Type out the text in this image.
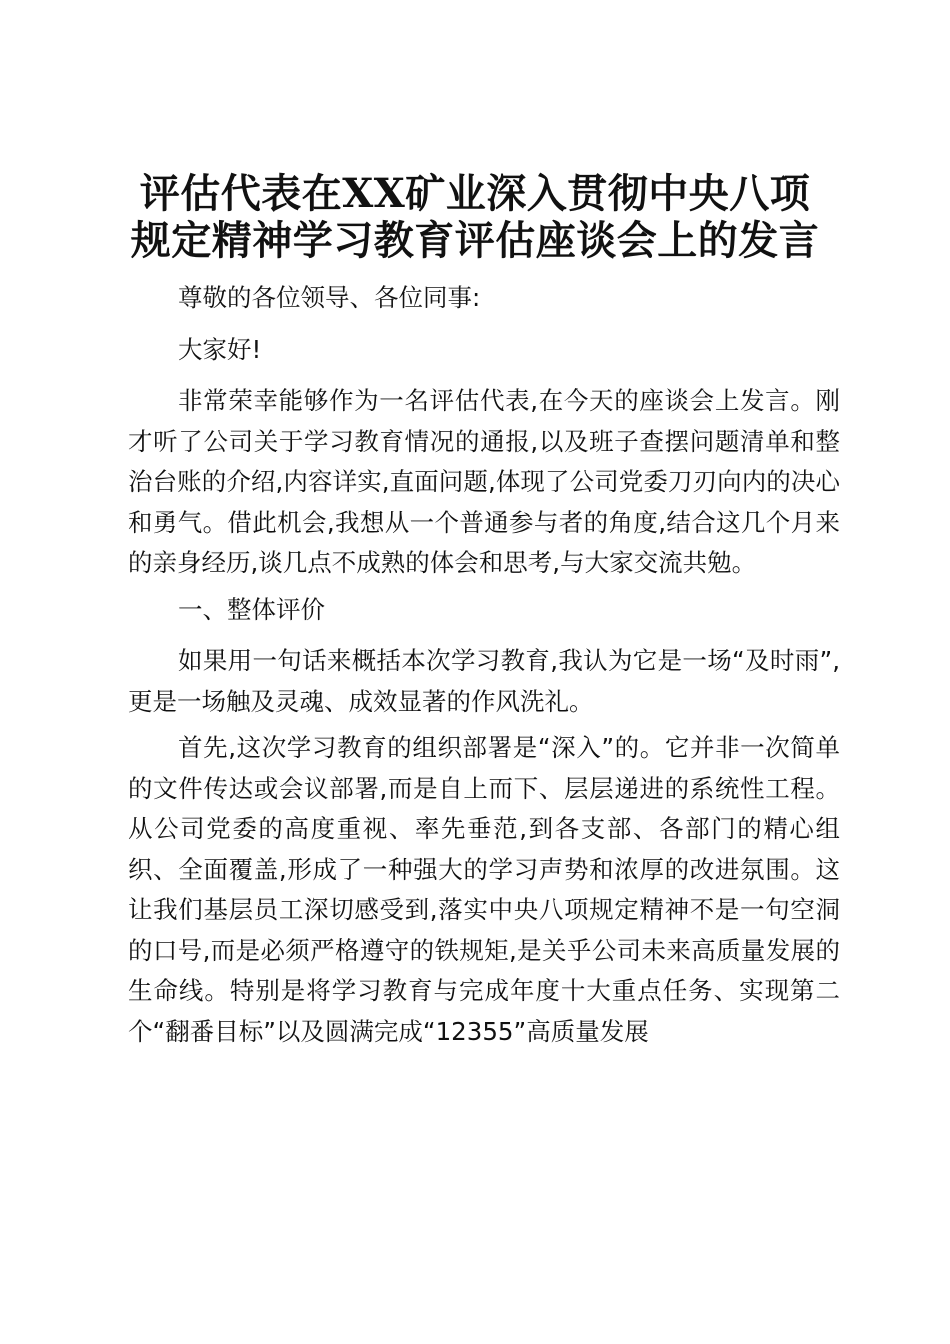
评估代表在XX矿业深入贯彻中央八项
规定精神学习教育评估座谈会上的发言

尊敬的各位领导、各位同事:

大家好!

非常荣幸能够作为一名评估代表,在今天的座谈会上发言。刚才听了公司关于学习教育情况的通报,以及班子查摆问题清单和整治台账的介绍,内容详实,直面问题,体现了公司党委刀刃向内的决心和勇气。借此机会,我想从一个普通参与者的角度,结合这几个月来的亲身经历,谈几点不成熟的体会和思考,与大家交流共勉。

一、整体评价

如果用一句话来概括本次学习教育,我认为它是一场“及时雨”,更是一场触及灵魂、成效显著的作风洗礼。

首先,这次学习教育的组织部署是“深入”的。它并非一次简单的文件传达或会议部署,而是自上而下、层层递进的系统性工程。从公司党委的高度重视、率先垂范,到各支部、各部门的精心组织、全面覆盖,形成了一种强大的学习声势和浓厚的改进氛围。这让我们基层员工深切感受到,落实中央八项规定精神不是一句空洞的口号,而是必须严格遵守的铁规矩,是关乎公司未来高质量发展的生命线。特别是将学习教育与完成年度十大重点任务、实现第二个“翻番目标”以及圆满完成“12355”高质量发展
